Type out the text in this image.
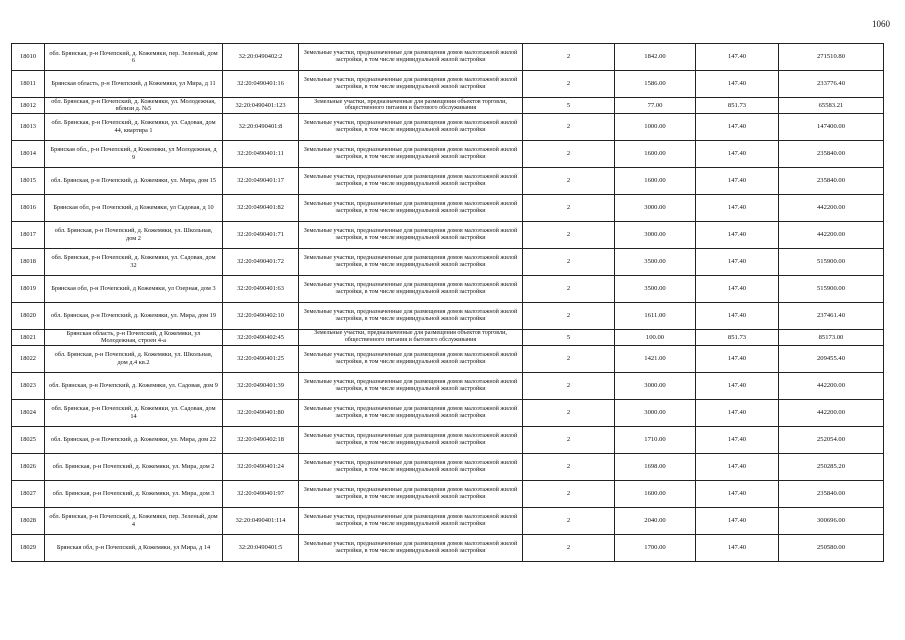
1060
18010	обл. Брянская, р-н Почепский, д. Кожемяки, пер. Зеленый, дом 6	32:20:0490402:2	Земельные участки, предназначенные для размещения домов малоэтажной жилой застройки, в том числе индивидуальной жилой застройки	2	1842.00	147.40	271510.80
18011	Брянская область, р-н Почепский, д Кожемяки, ул Мира, д 11	32:20:0490401:16	Земельные участки, предназначенные для размещения домов малоэтажной жилой застройки, в том числе индивидуальной жилой застройки	2	1586.00	147.40	233776.40
18012	обл. Брянская, р-н Почепский, д. Кожемяки, ул. Молодежная, вблизи д. №5	32:20:0490401:123	Земельные участки, предназначенные для размещения объектов торговли, общественного питания и бытового обслуживания	5	77.00	851.73	65583.21
18013	обл. Брянская, р-н Почепский, д. Кожемяки, ул. Садовая, дом 44, квартира 1	32:20:0490401:8	Земельные участки, предназначенные для размещения домов малоэтажной жилой застройки, в том числе индивидуальной жилой застройки	2	1000.00	147.40	147400.00
18014	Брянская обл., р-н Почепский, д Кожемяки, ул Молодежная, д 9	32:20:0490401:11	Земельные участки, предназначенные для размещения домов малоэтажной жилой застройки, в том числе индивидуальной жилой застройки	2	1600.00	147.40	235840.00
18015	обл. Брянская, р-н Почепский, д. Кожемяки, ул. Мира, дом 15	32:20:0490401:17	Земельные участки, предназначенные для размещения домов малоэтажной жилой застройки, в том числе индивидуальной жилой застройки	2	1600.00	147.40	235840.00
18016	Брянская обл, р-н Почепский, д Кожемяки, ул Садовая, д 10	32:20:0490401:82	Земельные участки, предназначенные для размещения домов малоэтажной жилой застройки, в том числе индивидуальной жилой застройки	2	3000.00	147.40	442200.00
18017	обл. Брянская, р-н Почепский, д. Кожемяки, ул. Школьная, дом 2	32:20:0490401:71	Земельные участки, предназначенные для размещения домов малоэтажной жилой застройки, в том числе индивидуальной жилой застройки	2	3000.00	147.40	442200.00
18018	обл. Брянская, р-н Почепский, д. Кожемяки, ул. Садовая, дом 32	32:20:0490401:72	Земельные участки, предназначенные для размещения домов малоэтажной жилой застройки, в том числе индивидуальной жилой застройки	2	3500.00	147.40	515900.00
18019	Брянская обл, р-н Почепский, д Кожемяки, ул Озерная, дом 3	32:20:0490401:63	Земельные участки, предназначенные для размещения домов малоэтажной жилой застройки, в том числе индивидуальной жилой застройки	2	3500.00	147.40	515900.00
18020	обл. Брянская, р-н Почепский, д. Кожемяки, ул. Мира, дом 19	32:20:0490402:10	Земельные участки, предназначенные для размещения домов малоэтажной жилой застройки, в том числе индивидуальной жилой застройки	2	1611.00	147.40	237461.40
18021	Брянская область, р-н Почепский, д Кожемяки, ул Молодежная, строен 4-а	32:20:0490402:45	Земельные участки, предназначенные для размещения объектов торговли, общественного питания и бытового обслуживания	5	100.00	851.73	85173.00
18022	обл. Брянская, р-н Почепский, д. Кожемяки, ул. Школьная, дом д.4 кв.2	32:20:0490401:25	Земельные участки, предназначенные для размещения домов малоэтажной жилой застройки, в том числе индивидуальной жилой застройки	2	1421.00	147.40	209455.40
18023	обл. Брянская, р-н Почепский, д. Кожемяки, ул. Садовая, дом 9	32:20:0490401:39	Земельные участки, предназначенные для размещения домов малоэтажной жилой застройки, в том числе индивидуальной жилой застройки	2	3000.00	147.40	442200.00
18024	обл. Брянская, р-н Почепский, д. Кожемяки, ул. Садовая, дом 14	32:20:0490401:80	Земельные участки, предназначенные для размещения домов малоэтажной жилой застройки, в том числе индивидуальной жилой застройки	2	3000.00	147.40	442200.00
18025	обл. Брянская, р-н Почепский, д. Кожемяки, ул. Мира, дом 22	32:20:0490402:18	Земельные участки, предназначенные для размещения домов малоэтажной жилой застройки, в том числе индивидуальной жилой застройки	2	1710.00	147.40	252054.00
18026	обл. Брянская, р-н Почепский, д. Кожемяки, ул. Мира, дом 2	32:20:0490401:24	Земельные участки, предназначенные для размещения домов малоэтажной жилой застройки, в том числе индивидуальной жилой застройки	2	1698.00	147.40	250285.20
18027	обл. Брянская, р-н Почепский, д. Кожемяки, ул. Мира, дом 3	32:20:0490401:97	Земельные участки, предназначенные для размещения домов малоэтажной жилой застройки, в том числе индивидуальной жилой застройки	2	1600.00	147.40	235840.00
18028	обл. Брянская, р-н Почепский, д. Кожемяки, пер. Зеленый, дом 4	32:20:0490401:114	Земельные участки, предназначенные для размещения домов малоэтажной жилой застройки, в том числе индивидуальной жилой застройки	2	2040.00	147.40	300696.00
18029	Брянская обл, р-н Почепский, д Кожемяки, ул Мира, д 14	32:20:0490401:5	Земельные участки, предназначенные для размещения домов малоэтажной жилой застройки, в том числе индивидуальной жилой застройки	2	1700.00	147.40	250580.00
